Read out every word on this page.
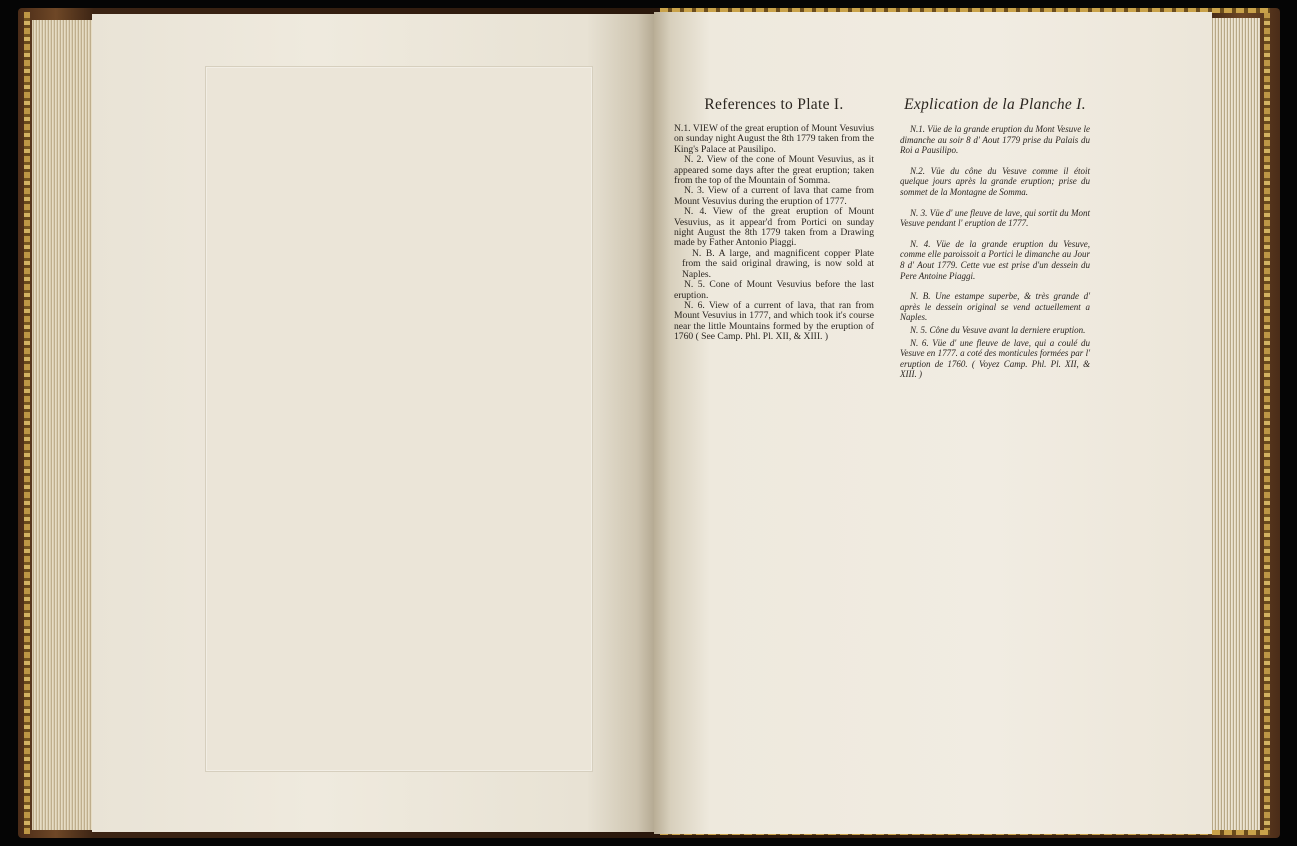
References to Plate I.

N.1. VIEW of the great eruption of Mount Vesuvius on sunday night August the 8th 1779 taken from the King's Palace at Pausilipo.

N. 2. View of the cone of Mount Vesuvius, as it appeared some days after the great eruption; taken from the top of the Mountain of Somma.

N. 3. View of a current of lava that came from Mount Vesuvius during the eruption of 1777.

N. 4. View of the great eruption of Mount Vesuvius, as it appear'd from Portici on sunday night August the 8th 1779 taken from a Drawing made by Father Antonio Piaggi.

N. B. A large, and magnificent copper Plate from the said original drawing, is now sold at Naples.

N. 5. Cone of Mount Vesuvius before the last eruption.

N. 6. View of a current of lava, that ran from Mount Vesuvius in 1777, and which took it's course near the little Mountains formed by the eruption of 1760 ( See Camp. Phl. Pl. XII, & XIII. )

Explication de la Planche I.

N.1. Vüe de la grande eruption du Mont Vesuve le dimanche au soir 8 d' Aout 1779 prise du Palais du Roi a Pausilipo.

N.2. Vüe du cône du Vesuve comme il étoit quelque jours après la grande eruption; prise du sommet de la Montagne de Somma.

N. 3. Vüe d' une fleuve de lave, qui sortit du Mont Vesuve pendant l' eruption de 1777.

N. 4. Vüe de la grande eruption du Vesuve, comme elle paroissoit a Portici le dimanche au Jour 8 d' Aout 1779. Cette vue est prise d'un dessein du Pere Antoine Piaggi.

N. B. Une estampe superbe, & très grande d' après le dessein original se vend actuellement a Naples.

N. 5. Cône du Vesuve avant la derniere eruption.

N. 6. Vüe d' une fleuve de lave, qui a coulé du Vesuve en 1777. a coté des monticules formées par l' eruption de 1760. ( Voyez Camp. Phl. Pl. XII, & XIII. )
